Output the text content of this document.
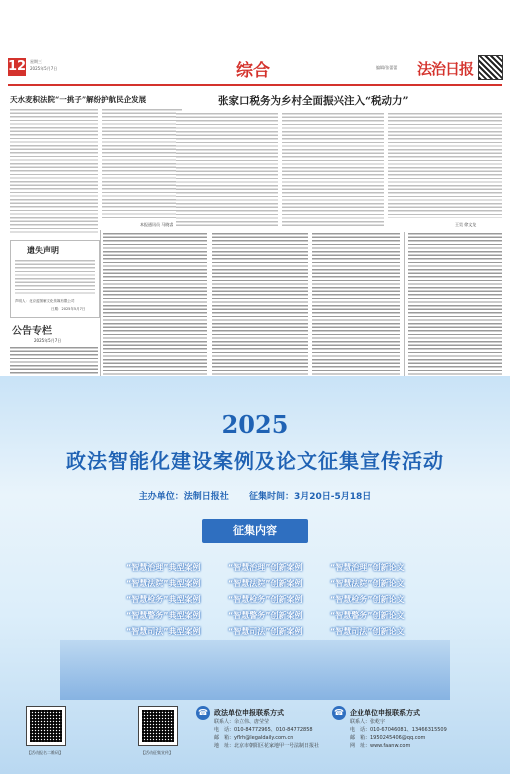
12 星期三
2025年5月7日	综合	编辑/张蕾蕾 法治日报
天水麦积法院“一挑子”解纷护航民企发展
本报通讯员 马晓睿
遗失声明
声明人：北京蓝图雁文化传媒有限公司
日期：2025年5月7日
公告专栏
2025年5月7日
张家口税务为乡村全面振兴注入“税动力”
王昊 徐文龙
2025
政法智能化建设案例及论文征集宣传活动
主办单位：法制日报社 征集时间：3月20日-5月18日
征集内容
“智慧治理”典型案例	“智慧治理”创新案例	“智慧治理”创新论文
“智慧法院”典型案例	“智慧法院”创新案例	“智慧法院”创新论文
“智慧检务”典型案例	“智慧检务”创新案例	“智慧检务”创新论文
“智慧警务”典型案例	“智慧警务”创新案例	“智慧警务”创新论文
“智慧司法”典型案例	“智慧司法”创新案例	“智慧司法”创新论文
【活动报名二维码】	【活动征集宣传】
☎ 政法单位申报联系方式
联系人：余立伟、唐莹莹
电　话：010-84772965、010-84772858
邮　箱：yflrh@legaldaily.com.cn
地　址：北京市朝阳区花家地甲一号法制日报社
☎ 企业单位申报联系方式
联系人：张屹宇
电　话：010-67046081、13466315509
邮　箱：1950245406@qq.com
网　址：www.faanw.com
